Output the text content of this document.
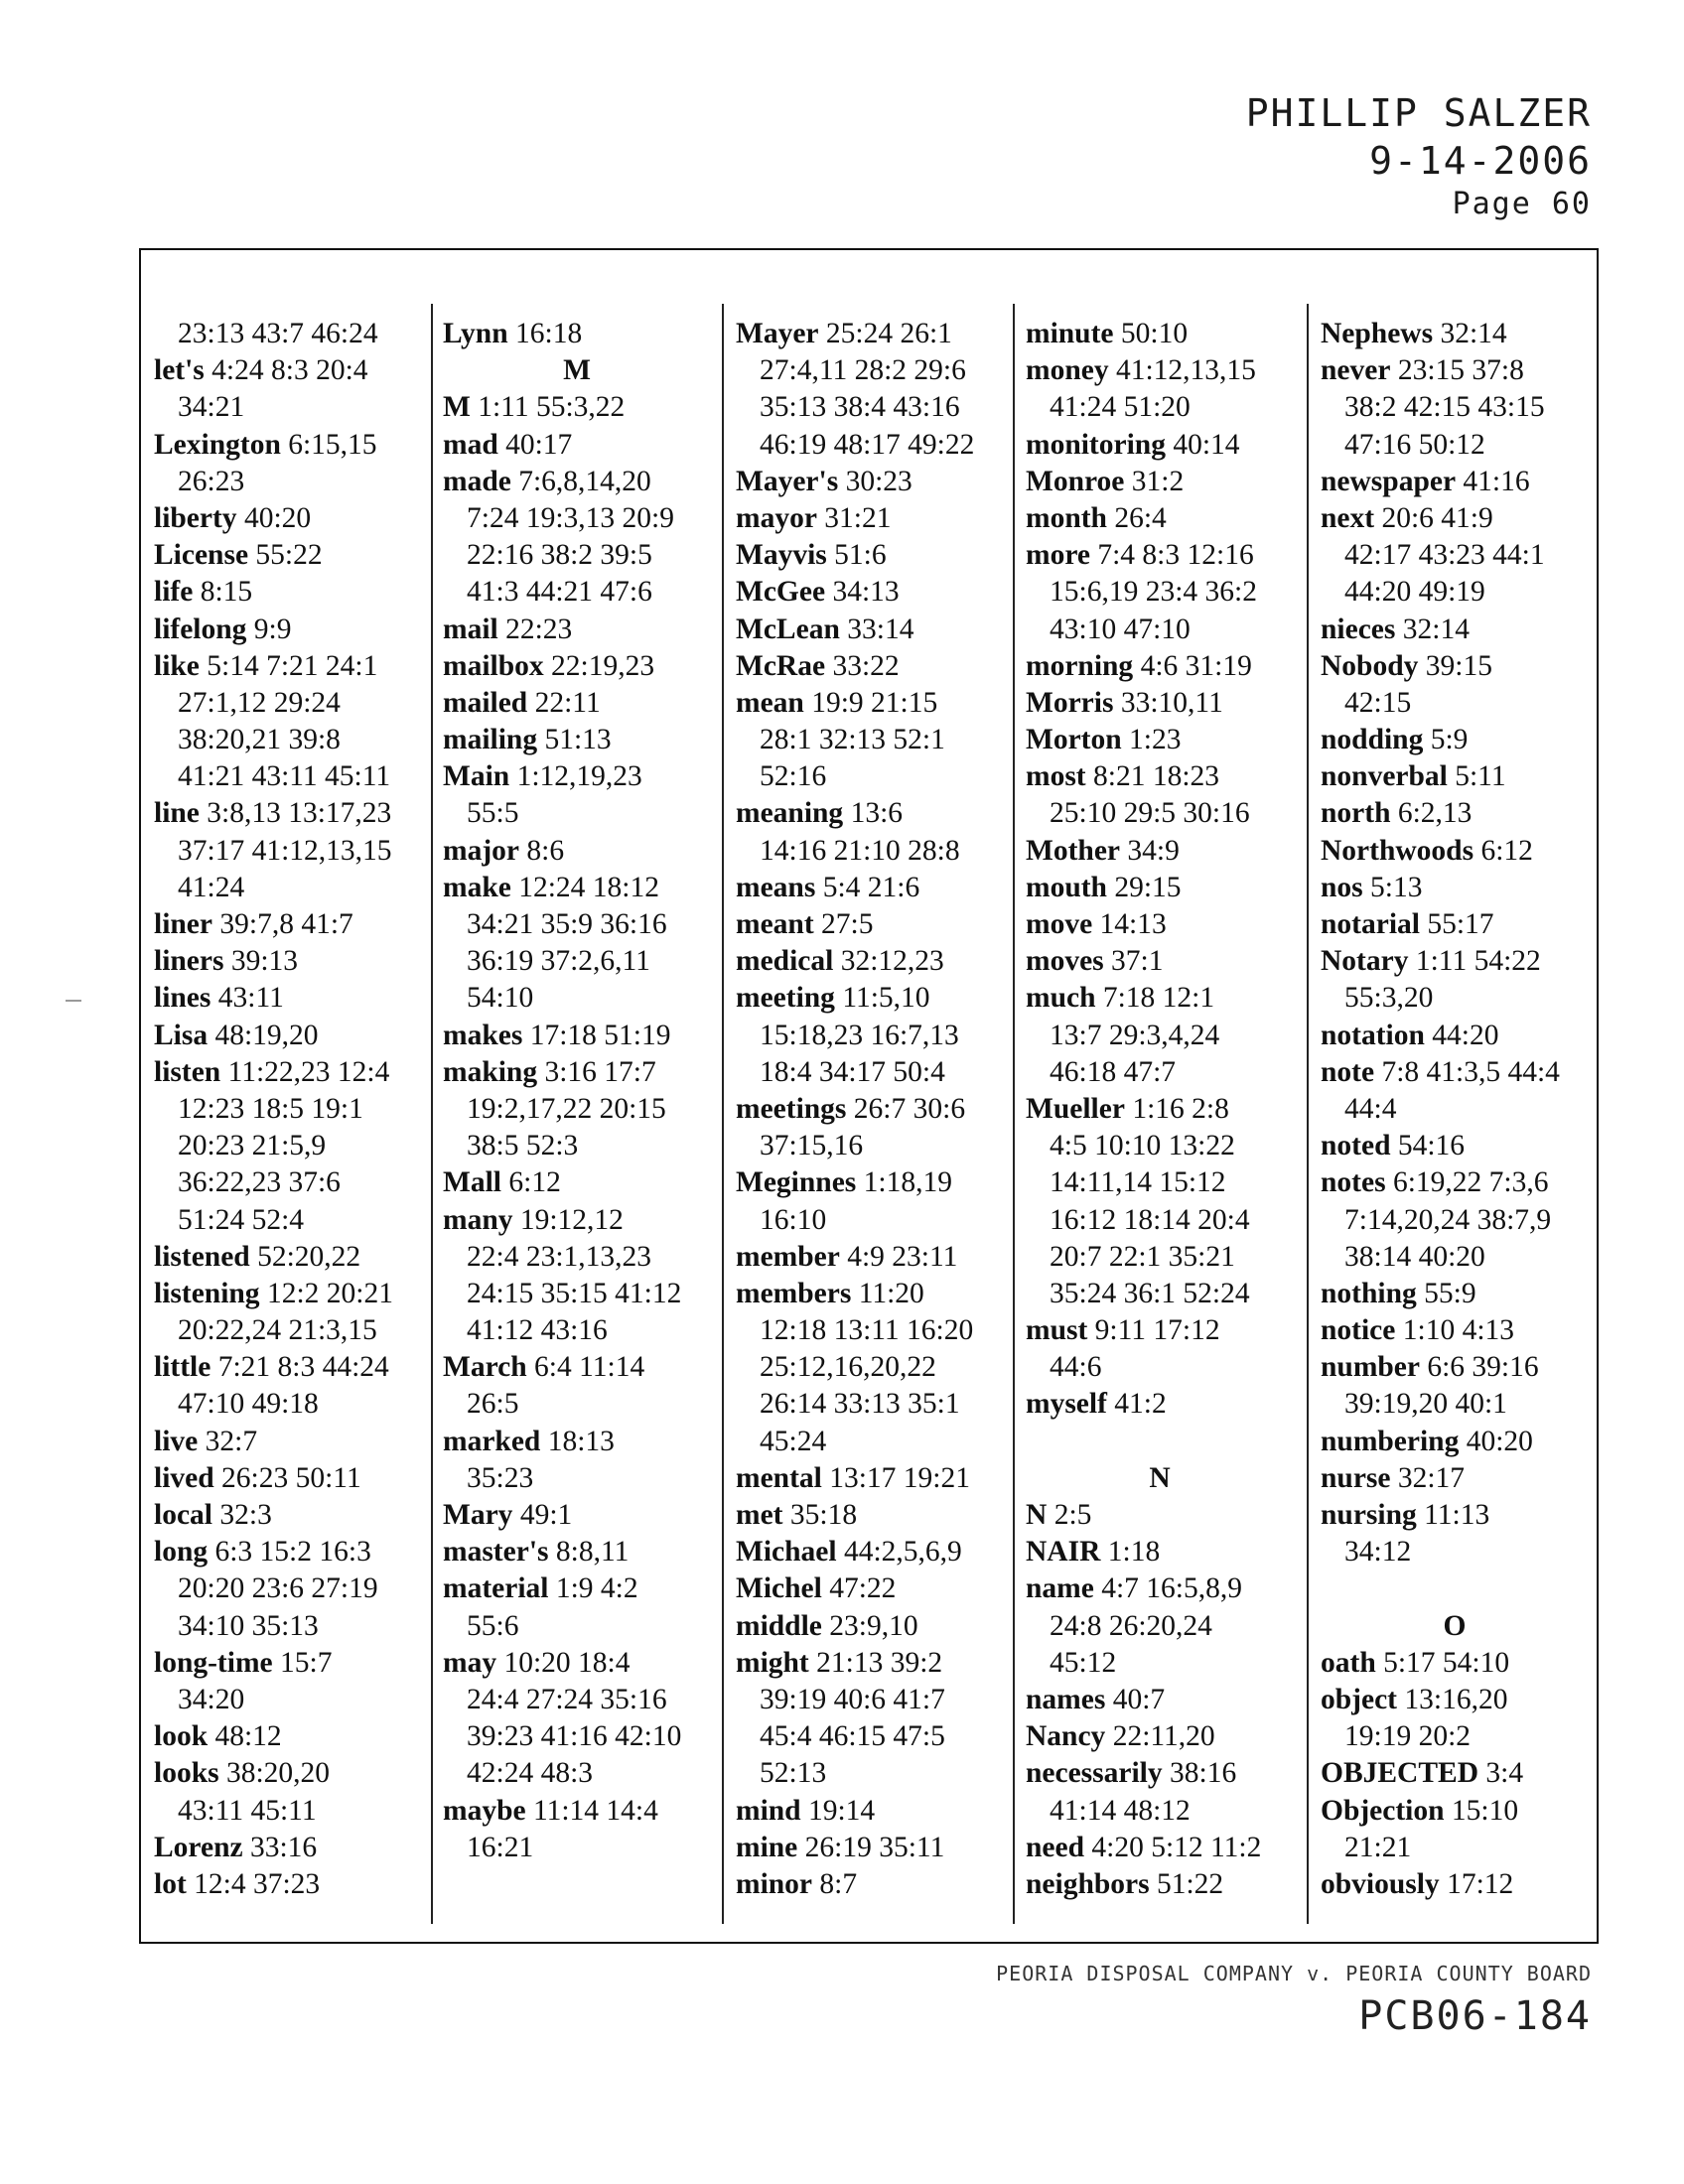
PHILLIP SALZER
9-14-2006
Page 60
23:13 43:7 46:24
let's 4:24 8:3 20:4
34:21
Lexington 6:15,15
26:23
liberty 40:20
License 55:22
life 8:15
lifelong 9:9
like 5:14 7:21 24:1
27:1,12 29:24
38:20,21 39:8
41:21 43:11 45:11
line 3:8,13 13:17,23
37:17 41:12,13,15
41:24
liner 39:7,8 41:7
liners 39:13
lines 43:11
Lisa 48:19,20
listen 11:22,23 12:4
12:23 18:5 19:1
20:23 21:5,9
36:22,23 37:6
51:24 52:4
listened 52:20,22
listening 12:2 20:21
20:22,24 21:3,15
little 7:21 8:3 44:24
47:10 49:18
live 32:7
lived 26:23 50:11
local 32:3
long 6:3 15:2 16:3
20:20 23:6 27:19
34:10 35:13
long-time 15:7
34:20
look 48:12
looks 38:20,20
43:11 45:11
Lorenz 33:16
lot 12:4 37:23
Lynn 16:18
M
M 1:11 55:3,22
mad 40:17
made 7:6,8,14,20
7:24 19:3,13 20:9
22:16 38:2 39:5
41:3 44:21 47:6
mail 22:23
mailbox 22:19,23
mailed 22:11
mailing 51:13
Main 1:12,19,23
55:5
major 8:6
make 12:24 18:12
34:21 35:9 36:16
36:19 37:2,6,11
54:10
makes 17:18 51:19
making 3:16 17:7
19:2,17,22 20:15
38:5 52:3
Mall 6:12
many 19:12,12
22:4 23:1,13,23
24:15 35:15 41:12
41:12 43:16
March 6:4 11:14
26:5
marked 18:13
35:23
Mary 49:1
master's 8:8,11
material 1:9 4:2
55:6
may 10:20 18:4
24:4 27:24 35:16
39:23 41:16 42:10
42:24 48:3
maybe 11:14 14:4
16:21
Mayer 25:24 26:1
27:4,11 28:2 29:6
35:13 38:4 43:16
46:19 48:17 49:22
Mayer's 30:23
mayor 31:21
Mayvis 51:6
McGee 34:13
McLean 33:14
McRae 33:22
mean 19:9 21:15
28:1 32:13 52:1
52:16
meaning 13:6
14:16 21:10 28:8
means 5:4 21:6
meant 27:5
medical 32:12,23
meeting 11:5,10
15:18,23 16:7,13
18:4 34:17 50:4
meetings 26:7 30:6
37:15,16
Meginnes 1:18,19
16:10
member 4:9 23:11
members 11:20
12:18 13:11 16:20
25:12,16,20,22
26:14 33:13 35:1
45:24
mental 13:17 19:21
met 35:18
Michael 44:2,5,6,9
Michel 47:22
middle 23:9,10
might 21:13 39:2
39:19 40:6 41:7
45:4 46:15 47:5
52:13
mind 19:14
mine 26:19 35:11
minor 8:7
minute 50:10
money 41:12,13,15
41:24 51:20
monitoring 40:14
Monroe 31:2
month 26:4
more 7:4 8:3 12:16
15:6,19 23:4 36:2
43:10 47:10
morning 4:6 31:19
Morris 33:10,11
Morton 1:23
most 8:21 18:23
25:10 29:5 30:16
Mother 34:9
mouth 29:15
move 14:13
moves 37:1
much 7:18 12:1
13:7 29:3,4,24
46:18 47:7
Mueller 1:16 2:8
4:5 10:10 13:22
14:11,14 15:12
16:12 18:14 20:4
20:7 22:1 35:21
35:24 36:1 52:24
must 9:11 17:12
44:6
myself 41:2
N
N 2:5
NAIR 1:18
name 4:7 16:5,8,9
24:8 26:20,24
45:12
names 40:7
Nancy 22:11,20
necessarily 38:16
41:14 48:12
need 4:20 5:12 11:2
neighbors 51:22
Nephews 32:14
never 23:15 37:8
38:2 42:15 43:15
47:16 50:12
newspaper 41:16
next 20:6 41:9
42:17 43:23 44:1
44:20 49:19
nieces 32:14
Nobody 39:15
42:15
nodding 5:9
nonverbal 5:11
north 6:2,13
Northwoods 6:12
nos 5:13
notarial 55:17
Notary 1:11 54:22
55:3,20
notation 44:20
note 7:8 41:3,5 44:4
44:4
noted 54:16
notes 6:19,22 7:3,6
7:14,20,24 38:7,9
38:14 40:20
nothing 55:9
notice 1:10 4:13
number 6:6 39:16
39:19,20 40:1
numbering 40:20
nurse 32:17
nursing 11:13
34:12
O
oath 5:17 54:10
object 13:16,20
19:19 20:2
OBJECTED 3:4
Objection 15:10
21:21
obviously 17:12
PEORIA DISPOSAL COMPANY v. PEORIA COUNTY BOARD
PCB06-184
